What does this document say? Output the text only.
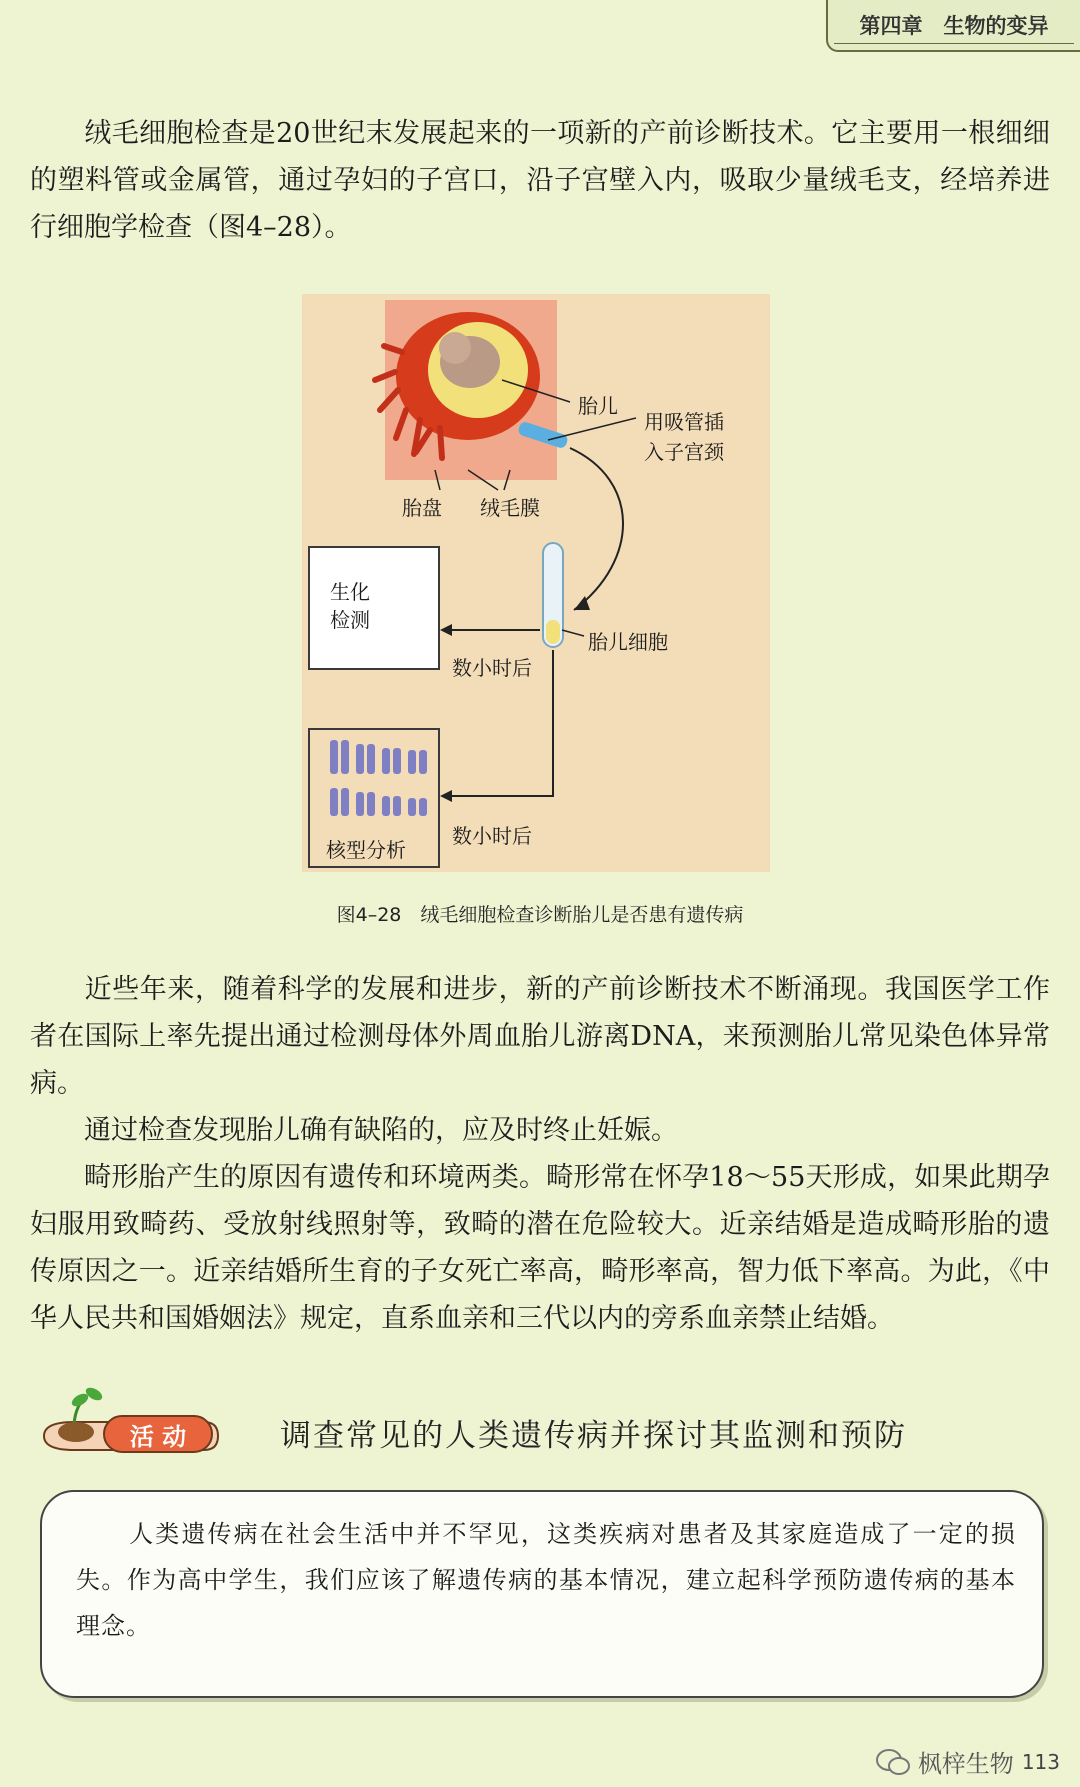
第四章　生物的变异

绒毛细胞检查是20世纪末发展起来的一项新的产前诊断技术。它主要用一根细细的塑料管或金属管，通过孕妇的子宫口，沿子宫壁入内，吸取少量绒毛支，经培养进行细胞学检查（图4–28）。

胎儿
用吸管插
入子宫颈
胎盘 绒毛膜
生化
检测
胎儿细胞
数小时后
核型分析
数小时后
图4–28　绒毛细胞检查诊断胎儿是否患有遗传病

近些年来，随着科学的发展和进步，新的产前诊断技术不断涌现。我国医学工作者在国际上率先提出通过检测母体外周血胎儿游离DNA，来预测胎儿常见染色体异常病。

通过检查发现胎儿确有缺陷的，应及时终止妊娠。

畸形胎产生的原因有遗传和环境两类。畸形常在怀孕18～55天形成，如果此期孕妇服用致畸药、受放射线照射等，致畸的潜在危险较大。近亲结婚是造成畸形胎的遗传原因之一。近亲结婚所生育的子女死亡率高，畸形率高，智力低下率高。为此，《中华人民共和国婚姻法》规定，直系血亲和三代以内的旁系血亲禁止结婚。

活 动	调查常见的人类遗传病并探讨其监测和预防

人类遗传病在社会生活中并不罕见，这类疾病对患者及其家庭造成了一定的损失。作为高中学生，我们应该了解遗传病的基本情况，建立起科学预防遗传病的基本理念。

枫梓生物 113
